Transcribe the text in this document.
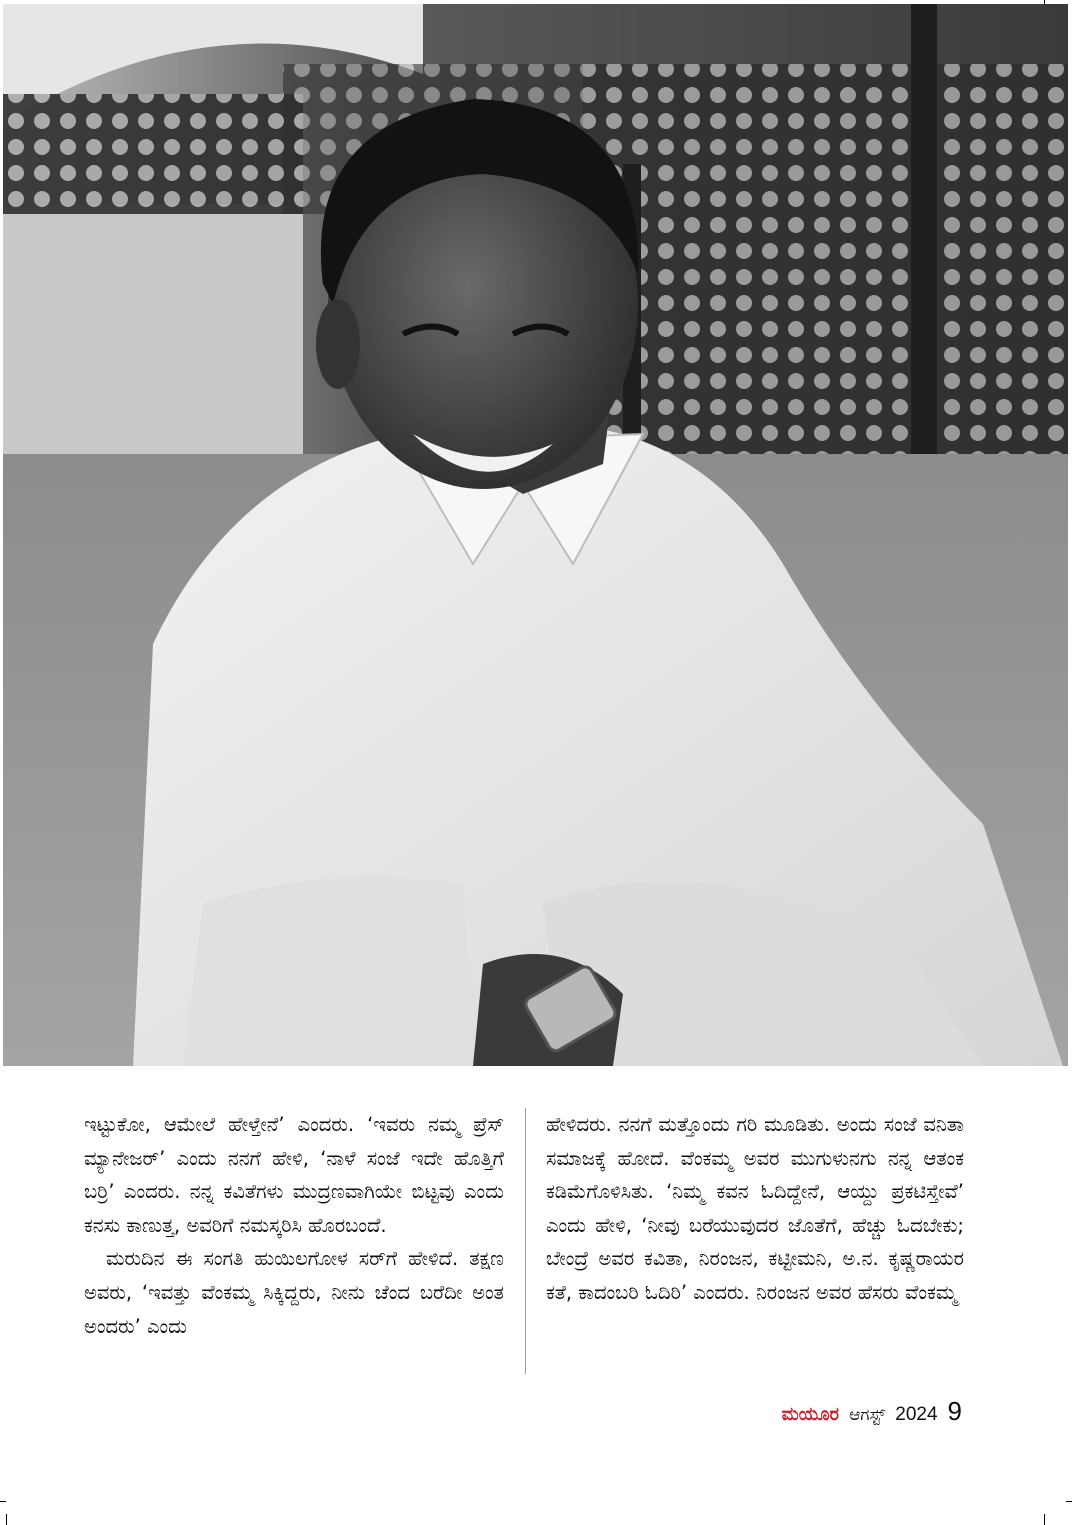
ಇಟ್ಟುಕೋ, ಆಮೇಲೆ ಹೇಳ್ತೇನೆ’ ಎಂದರು. ‘ಇವರು ನಮ್ಮ ಪ್ರೆಸ್ ಮ್ಯಾನೇಜರ್’ ಎಂದು ನನಗೆ ಹೇಳಿ, ‘ನಾಳೆ ಸಂಜೆ ಇದೇ ಹೊತ್ತಿಗೆ ಬರ್ರಿ’ ಎಂದರು. ನನ್ನ ಕವಿತೆಗಳು ಮುದ್ರಣವಾಗಿಯೇ ಬಿಟ್ಟವು ಎಂದು ಕನಸು ಕಾಣುತ್ತ, ಅವರಿಗೆ ನಮಸ್ಕರಿಸಿ ಹೊರಬಂದೆ.

ಮರುದಿನ ಈ ಸಂಗತಿ ಹುಯಿಲಗೋಳ ಸರ್‌ಗೆ ಹೇಳಿದೆ. ತಕ್ಷಣ ಅವರು, ‘ಇವತ್ತು ವೆಂಕಮ್ಮ ಸಿಕ್ಕಿದ್ದರು, ನೀನು ಚೆಂದ ಬರೆದೀ ಅಂತ ಅಂದರು’ ಎಂದು

ಹೇಳಿದರು. ನನಗೆ ಮತ್ತೊಂದು ಗರಿ ಮೂಡಿತು. ಅಂದು ಸಂಜೆ ವನಿತಾ ಸಮಾಜಕ್ಕೆ ಹೋದೆ. ವೆಂಕಮ್ಮ ಅವರ ಮುಗುಳುನಗು ನನ್ನ ಆತಂಕ ಕಡಿಮೆಗೊಳಿಸಿತು. ‘ನಿಮ್ಮ ಕವನ ಓದಿದ್ದೇನೆ, ಆಯ್ದು ಪ್ರಕಟಿಸ್ತೇವೆ’ ಎಂದು ಹೇಳಿ, ‘ನೀವು ಬರೆಯುವುದರ ಜೊತೆಗೆ, ಹೆಚ್ಚು ಓದಬೇಕು; ಬೇಂದ್ರೆ ಅವರ ಕವಿತಾ, ನಿರಂಜನ, ಕಟ್ಟೀಮನಿ, ಅ.ನ. ಕೃಷ್ಣರಾಯರ ಕತೆ, ಕಾದಂಬರಿ ಓದಿರಿ’ ಎಂದರು. ನಿರಂಜನ ಅವರ ಹೆಸರು ವೆಂಕಮ್ಮ

ಮಯೂರ ಆಗಸ್ಟ್ 2024 9
